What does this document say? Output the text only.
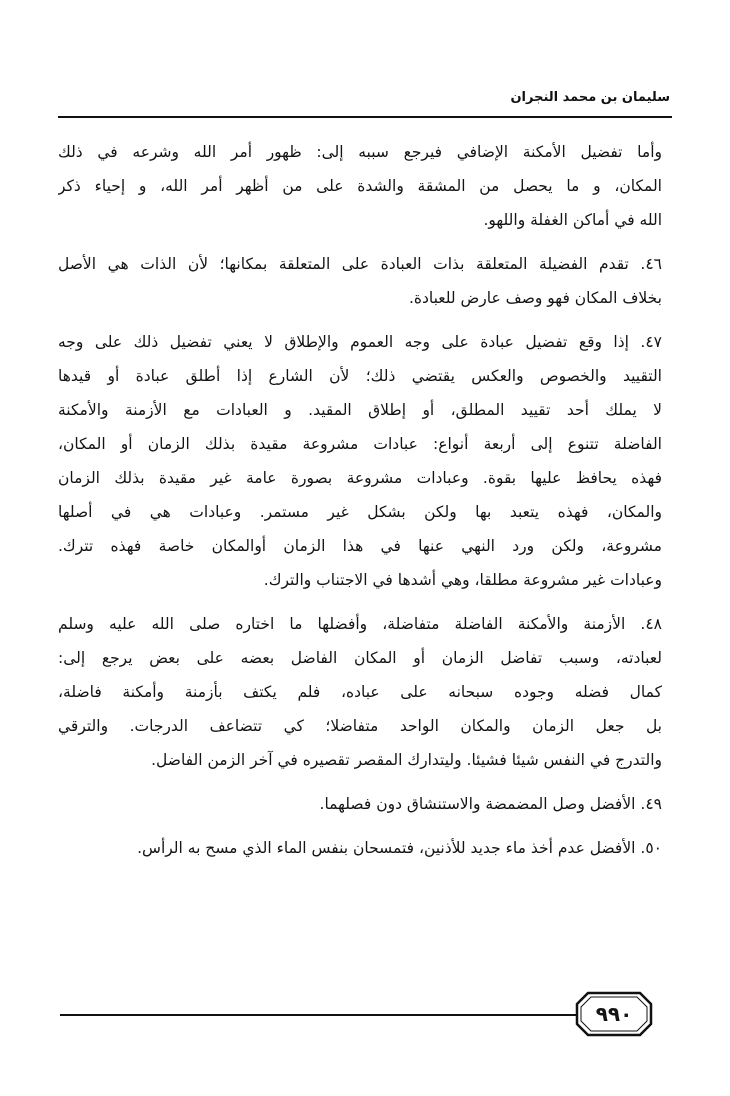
سليمان بن محمد النجران
وأما تفضيل الأمكنة الإضافي فيرجع سببه إلى: ظهور أمر الله وشرعه في ذلك
المكان، و ما يحصل من المشقة والشدة على من أظهر أمر الله، و إحياء ذكر
الله في أماكن الغفلة واللهو.
٤٦. تقدم الفضيلة المتعلقة بذات العبادة على المتعلقة بمكانها؛ لأن الذات هي الأصل
بخلاف المكان فهو وصف عارض للعبادة.
٤٧. إذا وقع تفضيل عبادة على وجه العموم والإطلاق لا يعني تفضيل ذلك على وجه
التقييد والخصوص والعكس يقتضي ذلك؛ لأن الشارع إذا أطلق عبادة أو قيدها
لا يملك أحد تقييد المطلق، أو إطلاق المقيد. و العبادات مع الأزمنة والأمكنة
الفاضلة تتنوع إلى أربعة أنواع: عبادات مشروعة مقيدة بذلك الزمان أو المكان،
فهذه يحافظ عليها بقوة. وعبادات مشروعة بصورة عامة غير مقيدة بذلك الزمان
والمكان، فهذه يتعبد بها ولكن بشكل غير مستمر. وعبادات هي في أصلها
مشروعة، ولكن ورد النهي عنها في هذا الزمان أوالمكان خاصة فهذه تترك.
وعبادات غير مشروعة مطلقا، وهي أشدها في الاجتناب والترك.
٤٨. الأزمنة والأمكنة الفاضلة متفاضلة، وأفضلها ما اختاره صلى الله عليه وسلم
لعبادته، وسبب تفاضل الزمان أو المكان الفاضل بعضه على بعض يرجع إلى:
كمال فضله وجوده سبحانه على عباده، فلم يكتف بأزمنة وأمكنة فاضلة،
بل جعل الزمان والمكان الواحد متفاضلا؛ كي تتضاعف الدرجات. والترقي
والتدرج في النفس شيئا فشيئا. وليتدارك المقصر تقصيره في آخر الزمن الفاضل.
٤٩. الأفضل وصل المضمضة والاستنشاق دون فصلهما.
٥٠. الأفضل عدم أخذ ماء جديد للأذنين، فتمسحان بنفس الماء الذي مسح به الرأس.
٩٩٠
